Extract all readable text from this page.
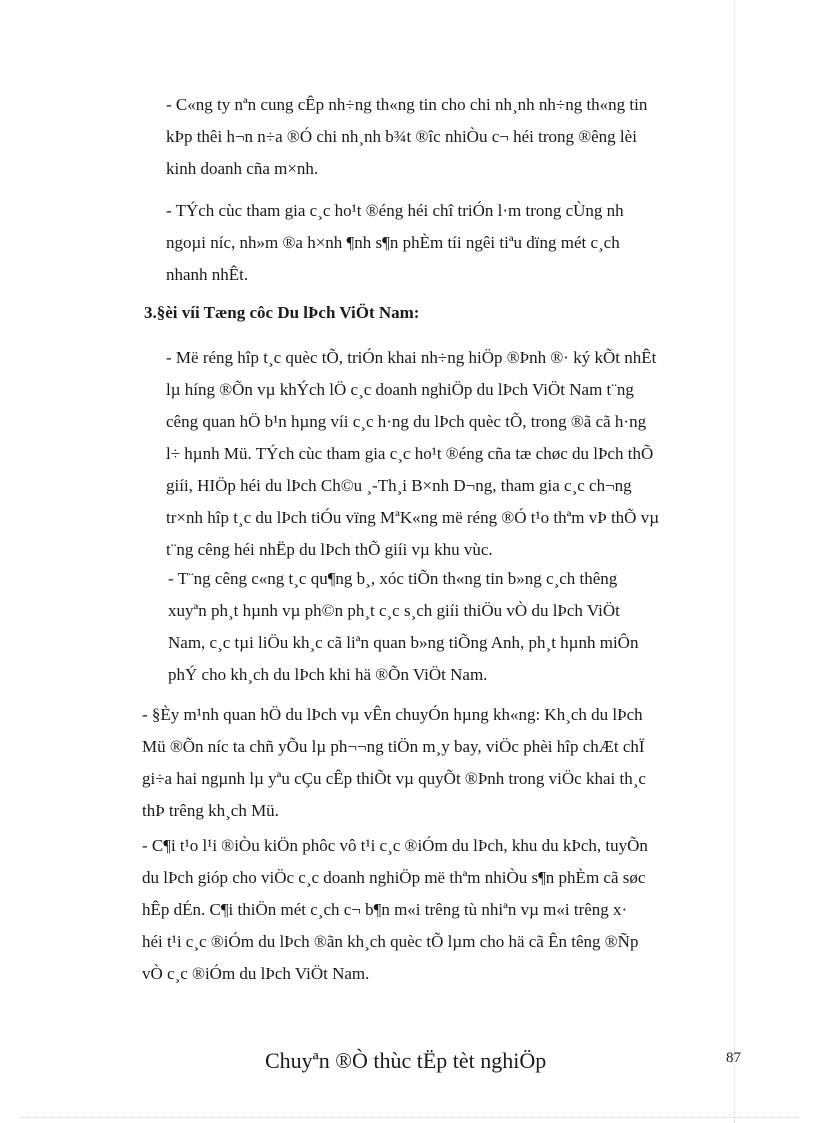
- C«ng ty nªn cung cÊp nh÷ng th«ng tin cho chi nh¸nh nh÷ng th«ng tin
kÞp thêi h¬n n÷a ®Ó chi nh¸nh b¾t ®îc nhiÒu c¬ héi trong ®êng lèi
kinh doanh cña m×nh.

- TÝch cùc tham gia c¸c ho¹t ®éng héi chî triÓn l·m trong cÙng nh
ngoµi níc, nh»m ®a h×nh ¶nh s¶n phÈm tíi ngêi tiªu dïng mét c¸ch
nhanh nhÊt.

3.§èi víi Tæng côc Du lÞch ViÖt Nam:

- Më réng hîp t¸c quèc tÕ, triÓn khai nh÷ng hiÖp ®Þnh ®· ký kÕt nhÊt
lµ híng ®Õn vµ khÝch lÖ c¸c doanh nghiÖp du lÞch ViÖt Nam t¨ng
cêng quan hÖ b¹n hµng víi c¸c h·ng du lÞch quèc tÕ, trong ®ã cã h·ng
l÷ hµnh Mü. TÝch cùc tham gia c¸c ho¹t ®éng cña tæ chøc du lÞch thÕ
giíi, HIÖp héi du lÞch Ch©u ¸-Th¸i B×nh D¬ng, tham gia c¸c ch¬ng
tr×nh hîp t¸c du lÞch tiÓu vïng MªK«ng më réng ®Ó t¹o thªm vÞ thÕ vµ
t¨ng cêng héi nhËp du lÞch thÕ giíi vµ khu vùc.

- T¨ng cêng c«ng t¸c qu¶ng b¸, xóc tiÕn th«ng tin b»ng c¸ch thêng
xuyªn ph¸t hµnh vµ ph©n ph¸t c¸c s¸ch giíi thiÖu vÒ du lÞch ViÖt
Nam, c¸c tµi liÖu kh¸c cã liªn quan b»ng tiÕng Anh, ph¸t hµnh miÔn
phÝ cho kh¸ch du lÞch khi hä ®Õn ViÖt Nam.

- §Èy m¹nh quan hÖ du lÞch vµ vÊn chuyÓn hµng kh«ng: Kh¸ch du lÞch
Mü ®Õn níc ta chñ yÕu lµ ph¬¬ng tiÖn m¸y bay, viÖc phèi hîp chÆt chÏ
gi÷a hai ngµnh lµ yªu cÇu cÊp thiÕt vµ quyÕt ®Þnh trong viÖc khai th¸c
thÞ trêng kh¸ch Mü.

- C¶i t¹o l¹i ®iÒu kiÖn phôc vô t¹i c¸c ®iÓm du lÞch, khu du kÞch, tuyÕn
du lÞch gióp cho viÖc c¸c doanh nghiÖp më thªm nhiÒu s¶n phÈm cã søc
hÊp dÉn. C¶i thiÖn mét c¸ch c¬ b¶n m«i trêng tù nhiªn vµ m«i trêng x·
héi t¹i c¸c ®iÓm du lÞch ®ãn kh¸ch quèc tÕ lµm cho hä cã Ên têng ®Ñp
vÒ c¸c ®iÓm du lÞch ViÖt Nam.

Chuyªn ®Ò thùc tËp tèt nghiÖp	87
